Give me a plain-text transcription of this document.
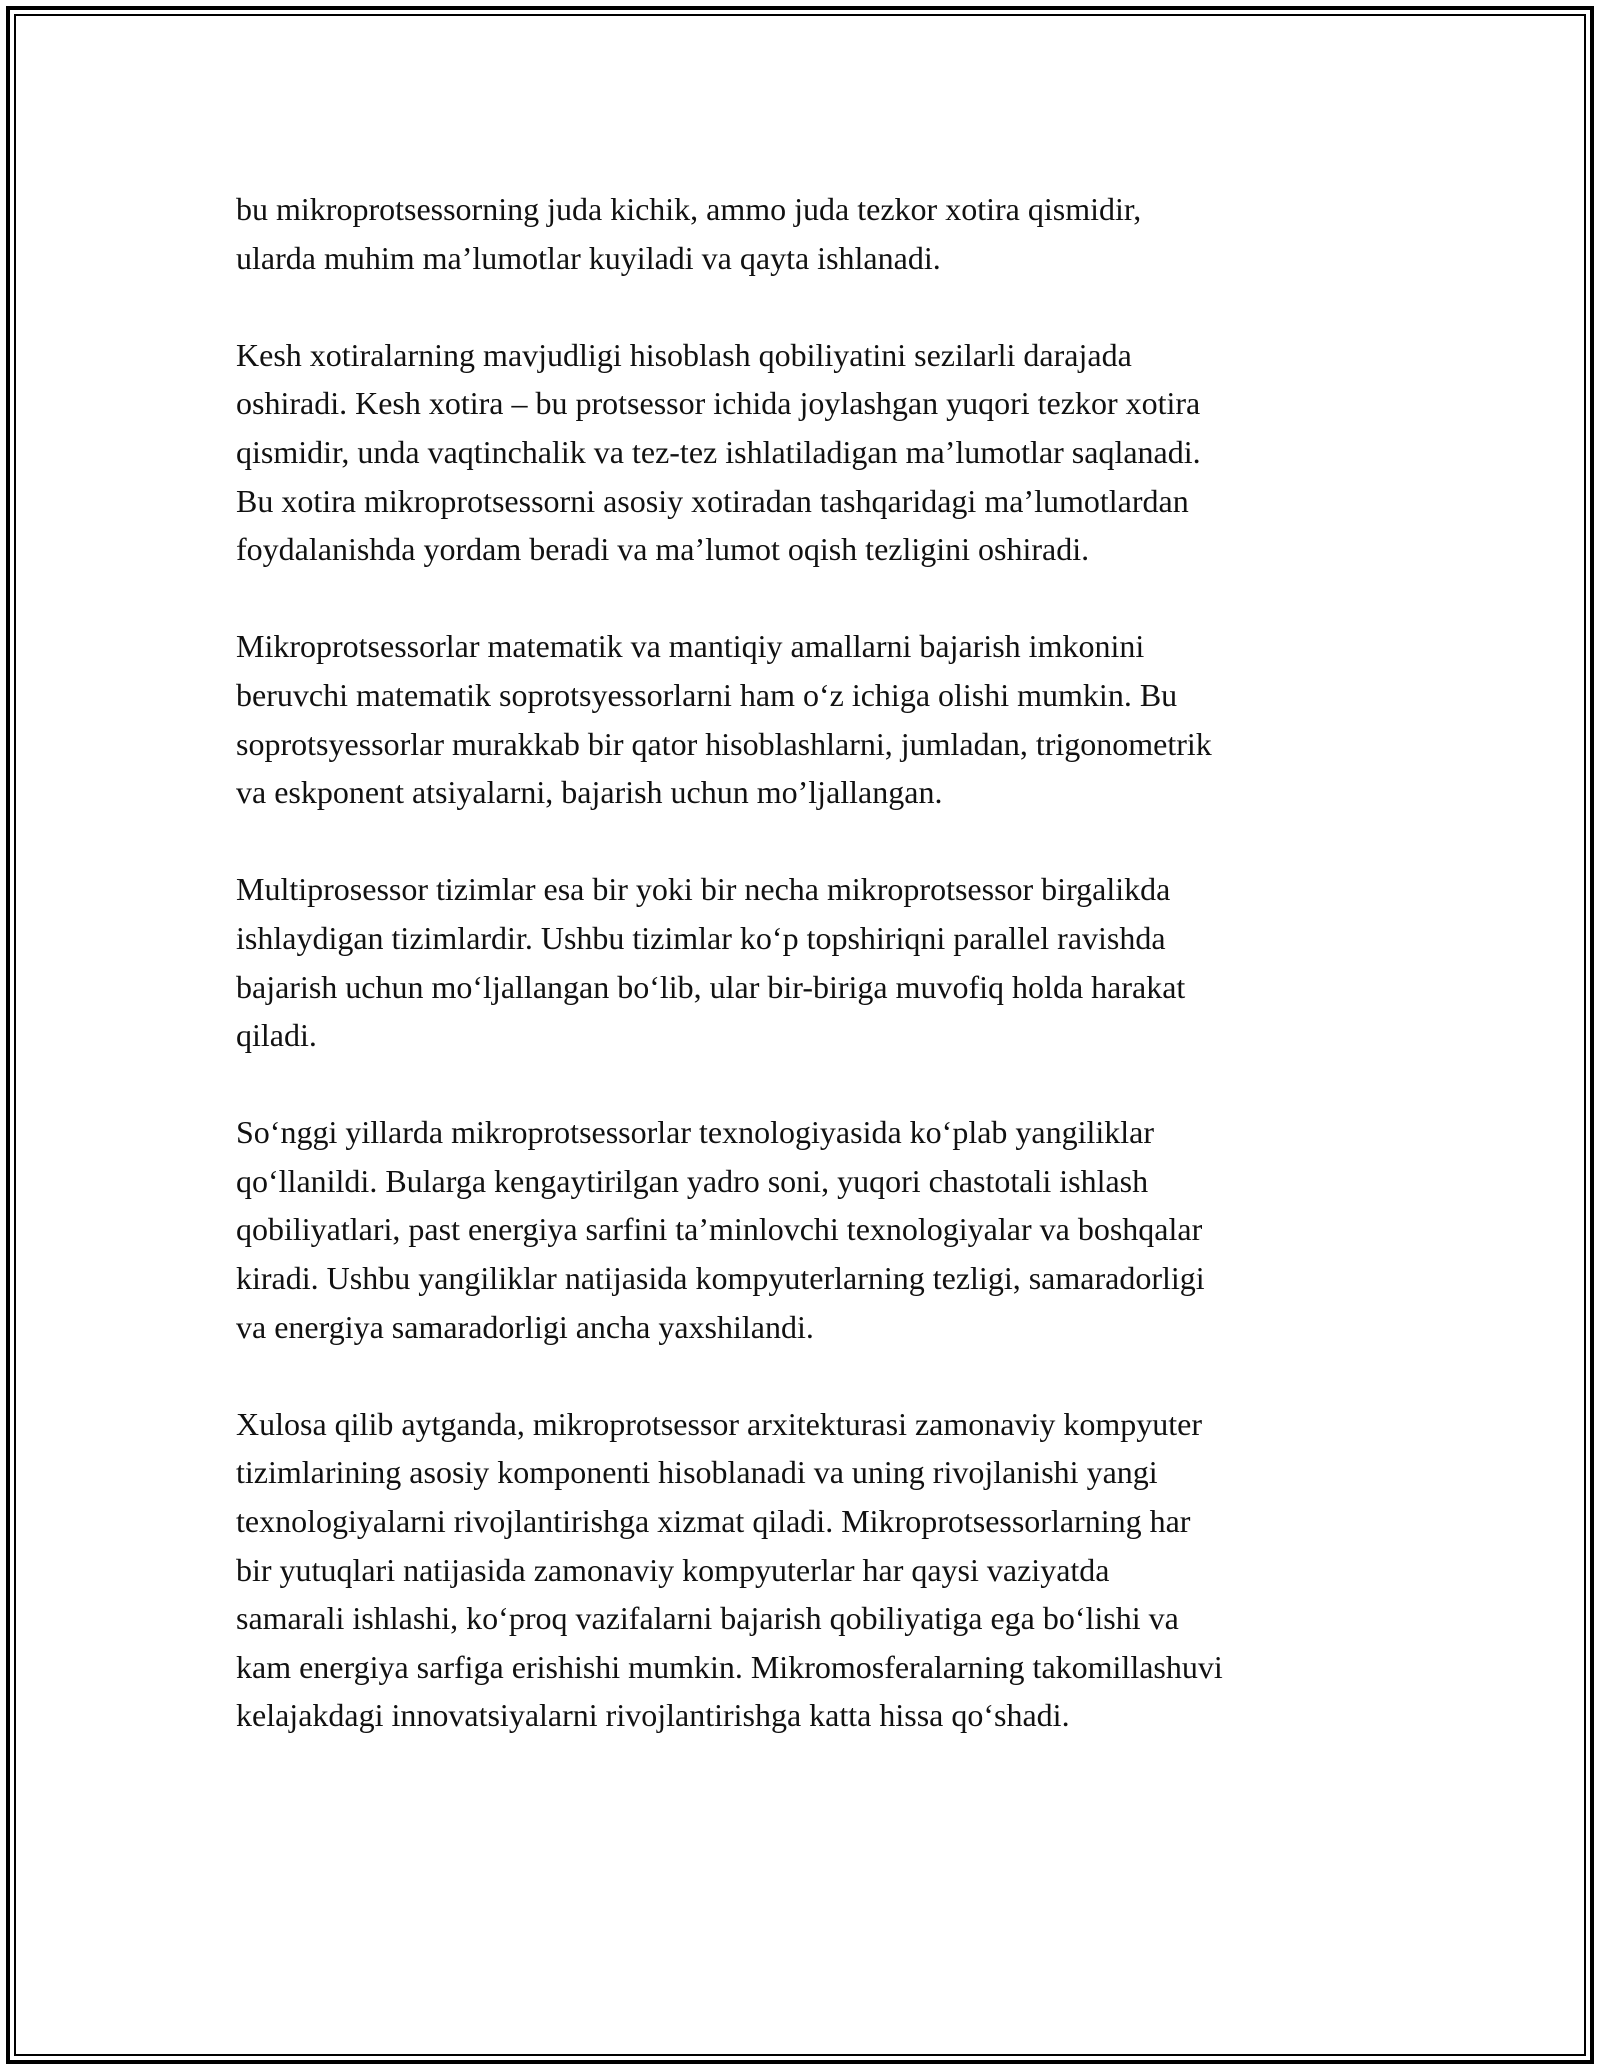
bu mikroprotsessorning juda kichik, ammo juda tezkor xotira qismidir,
ularda muhim ma’lumotlar kuyiladi va qayta ishlanadi.

Kesh xotiralarning mavjudligi hisoblash qobiliyatini sezilarli darajada
oshiradi. Kesh xotira – bu protsessor ichida joylashgan yuqori tezkor xotira
qismidir, unda vaqtinchalik va tez-tez ishlatiladigan ma’lumotlar saqlanadi.
Bu xotira mikroprotsessorni asosiy xotiradan tashqaridagi ma’lumotlardan
foydalanishda yordam beradi va ma’lumot oqish tezligini oshiradi.

Mikroprotsessorlar matematik va mantiqiy amallarni bajarish imkonini
beruvchi matematik soprotsyessorlarni ham o‘z ichiga olishi mumkin. Bu
soprotsyessorlar murakkab bir qator hisoblashlarni, jumladan, trigonometrik
va eskponent atsiyalarni, bajarish uchun mo’ljallangan.

Multiprosessor tizimlar esa bir yoki bir necha mikroprotsessor birgalikda
ishlaydigan tizimlardir. Ushbu tizimlar ko‘p topshiriqni parallel ravishda
bajarish uchun mo‘ljallangan bo‘lib, ular bir-biriga muvofiq holda harakat
qiladi.

So‘nggi yillarda mikroprotsessorlar texnologiyasida ko‘plab yangiliklar
qo‘llanildi. Bularga kengaytirilgan yadro soni, yuqori chastotali ishlash
qobiliyatlari, past energiya sarfini ta’minlovchi texnologiyalar va boshqalar
kiradi. Ushbu yangiliklar natijasida kompyuterlarning tezligi, samaradorligi
va energiya samaradorligi ancha yaxshilandi.

Xulosa qilib aytganda, mikroprotsessor arxitekturasi zamonaviy kompyuter
tizimlarining asosiy komponenti hisoblanadi va uning rivojlanishi yangi
texnologiyalarni rivojlantirishga xizmat qiladi. Mikroprotsessorlarning har
bir yutuqlari natijasida zamonaviy kompyuterlar har qaysi vaziyatda
samarali ishlashi, ko‘proq vazifalarni bajarish qobiliyatiga ega bo‘lishi va
kam energiya sarfiga erishishi mumkin. Mikromosferalarning takomillashuvi
kelajakdagi innovatsiyalarni rivojlantirishga katta hissa qo‘shadi.
